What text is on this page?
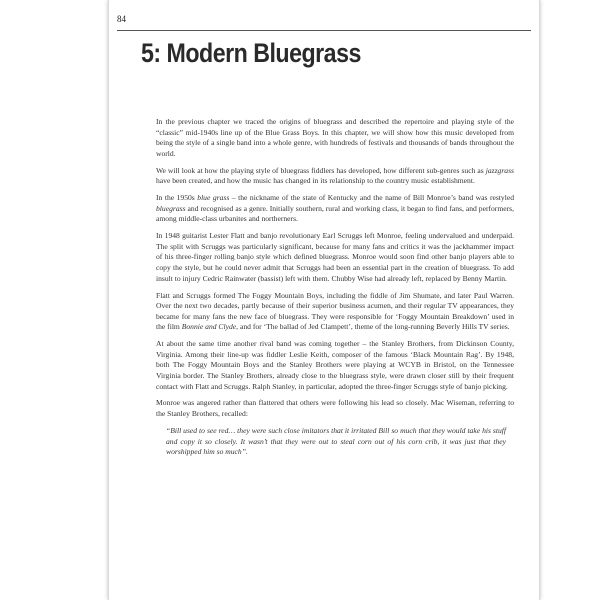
84
5: Modern Bluegrass

In the previous chapter we traced the origins of bluegrass and described the repertoire and playing style of the “classic” mid-1940s line up of the Blue Grass Boys. In this chapter, we will show how this music developed from being the style of a single band into a whole genre, with hundreds of festivals and thousands of bands throughout the world.

We will look at how the playing style of bluegrass fiddlers has developed, how different sub-genres such as jazzgrass have been created, and how the music has changed in its relationship to the country music establishment.

In the 1950s blue grass – the nickname of the state of Kentucky and the name of Bill Monroe’s band was restyled bluegrass and recognised as a genre. Initially southern, rural and working class, it began to find fans, and performers, among middle-class urbanites and northerners.

In 1948 guitarist Lester Flatt and banjo revolutionary Earl Scruggs left Monroe, feeling undervalued and underpaid. The split with Scruggs was particularly significant, because for many fans and critics it was the jackhammer impact of his three-finger rolling banjo style which defined bluegrass. Monroe would soon find other banjo players able to copy the style, but he could never admit that Scruggs had been an essential part in the creation of bluegrass. To add insult to injury Cedric Rainwater (bassist) left with them. Chubby Wise had already left, replaced by Benny Martin.

Flatt and Scruggs formed The Foggy Mountain Boys, including the fiddle of Jim Shumate, and later Paul Warren. Over the next two decades, partly because of their superior business acumen, and their regular TV appearances, they became for many fans the new face of bluegrass. They were responsible for ‘Foggy Mountain Breakdown’ used in the film Bonnie and Clyde, and for ‘The ballad of Jed Clampett’, theme of the long-running Beverly Hills TV series.

At about the same time another rival band was coming together – the Stanley Brothers, from Dickinson County, Virginia. Among their line-up was fiddler Leslie Keith, composer of the famous ‘Black Mountain Rag’. By 1948, both The Foggy Mountain Boys and the Stanley Brothers were playing at WCYB in Bristol, on the Tennessee Virginia border. The Stanley Brothers, already close to the bluegrass style, were drawn closer still by their frequent contact with Flatt and Scruggs. Ralph Stanley, in particular, adopted the three-finger Scruggs style of banjo picking.

Monroe was angered rather than flattered that others were following his lead so closely. Mac Wiseman, referring to the Stanley Brothers, recalled:

“Bill used to see red… they were such close imitators that it irritated Bill so much that they would take his stuff and copy it so closely. It wasn’t that they were out to steal corn out of his corn crib, it was just that they worshipped him so much”.
